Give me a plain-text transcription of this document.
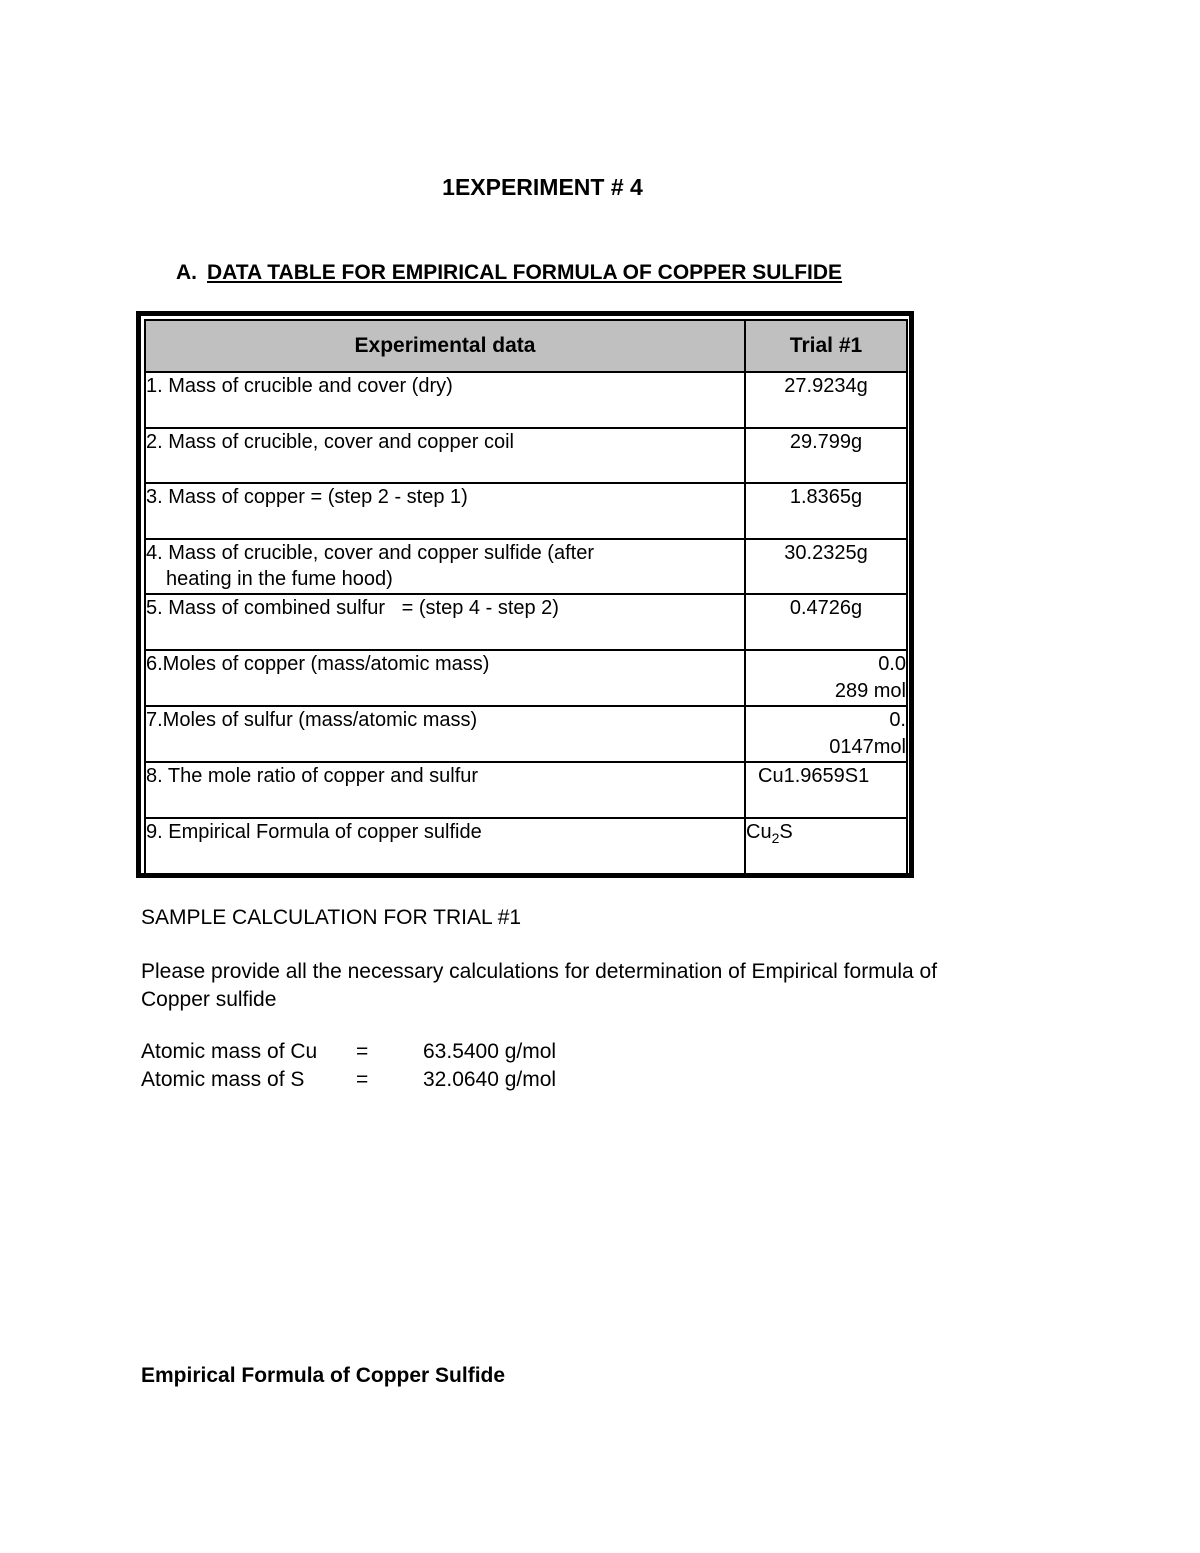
1EXPERIMENT # 4
A. DATA TABLE FOR EMPIRICAL FORMULA OF COPPER SULFIDE
Experimental data	Trial #1
1. Mass of crucible and cover (dry)	27.9234g
2. Mass of crucible, cover and copper coil	29.799g
3. Mass of copper = (step 2 - step 1)	1.8365g
4. Mass of crucible, cover and copper sulfide (after
heating in the fume hood)	30.2325g
5. Mass of combined sulfur   = (step 4 - step 2)	0.4726g
6.Moles of copper (mass/atomic mass)	0.0
289 mol

7.Moles of sulfur (mass/atomic mass)	0.
0147mol

8. The mole ratio of copper and sulfur	Cu1.9659S1
9. Empirical Formula of copper sulfide	$Cu_2S$
SAMPLE CALCULATION FOR TRIAL #1
Please provide all the necessary calculations for determination of Empirical formula of
Copper sulfide
Atomic mass of Cu =	63.5400 g/mol
Atomic mass of S =	32.0640 g/mol
Empirical Formula of Copper Sulfide
